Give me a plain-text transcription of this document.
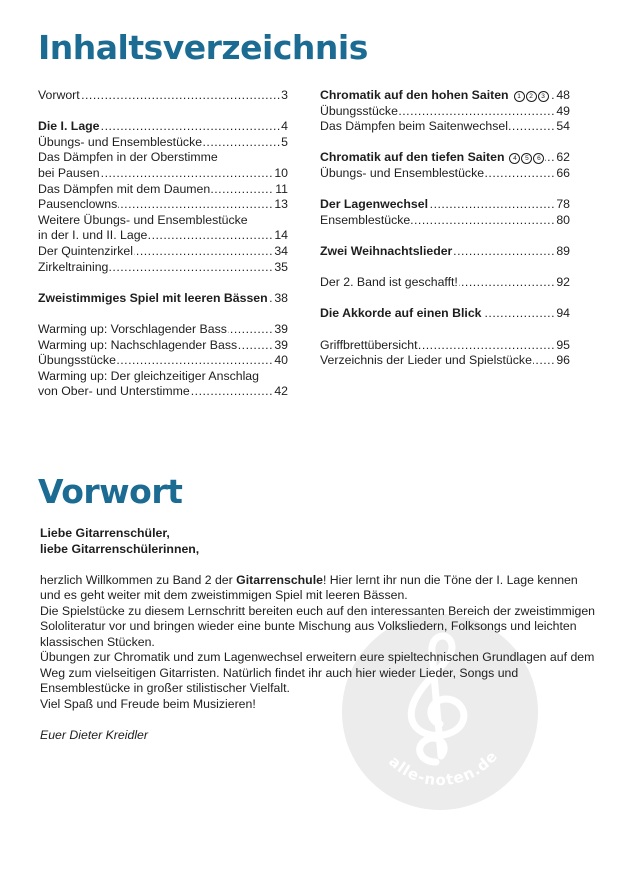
Inhaltsverzeichnis
Vorwort	3
.....
Die I. Lage	4
.....
Übungs- und Ensemblestücke	5
.....
Das Dämpfen in der Oberstimme
bei Pausen	10
.....
Das Dämpfen mit dem Daumen	11
.....
Pausenclowns	13
.....
Weitere Übungs- und Ensemblestücke
in der I. und II. Lage	14
.....
Der Quintenzirkel	34
.....
Zirkeltraining	35
.....
Zweistimmiges Spiel mit leeren Bässen 38
.....
Warming up: Vorschlagender Bass	39
.....
Warming up: Nachschlagender Bass	39
.....
Übungsstücke	40
.....
Warming up: Der gleichzeitiger Anschlag
von Ober- und Unterstimme	42
.....
Chromatik auf den hohen Saiten 1 2 3 48
.....
Übungsstücke	49
.....
Das Dämpfen beim Saitenwechsel	54
.....
Chromatik auf den tiefen Saiten 4 5 6 62
.....
Übungs- und Ensemblestücke	66
.....
Der Lagenwechsel	78
.....
Ensemblestücke	80
.....
Zwei Weihnachtslieder	89
.....
Der 2. Band ist geschafft!	92
.....
Die Akkorde auf einen Blick	94
.....
Griffbrettübersicht	95
.....
Verzeichnis der Lieder und Spielstücke 96
.....
Vorwort
alle-noten.de

Liebe Gitarrenschüler,

liebe Gitarrenschülerinnen,

herzlich Willkommen zu Band 2 der Gitarrenschule! Hier lernt ihr nun die Töne der I. Lage kennen und es geht weiter mit dem zweistimmigen Spiel mit leeren Bässen.

Die Spielstücke zu diesem Lernschritt bereiten euch auf den interessanten Bereich der zweistimmigen Sololiteratur vor und bringen wieder eine bunte Mischung aus Volksliedern, Folksongs und leichten klassischen Stücken.

Übungen zur Chromatik und zum Lagenwechsel erweitern eure spieltechnischen Grundlagen auf dem Weg zum vielseitigen Gitarristen. Natürlich findet ihr auch hier wieder Lieder, Songs und Ensemblestücke in großer stilistischer Vielfalt.

Viel Spaß und Freude beim Musizieren!

Euer Dieter Kreidler
